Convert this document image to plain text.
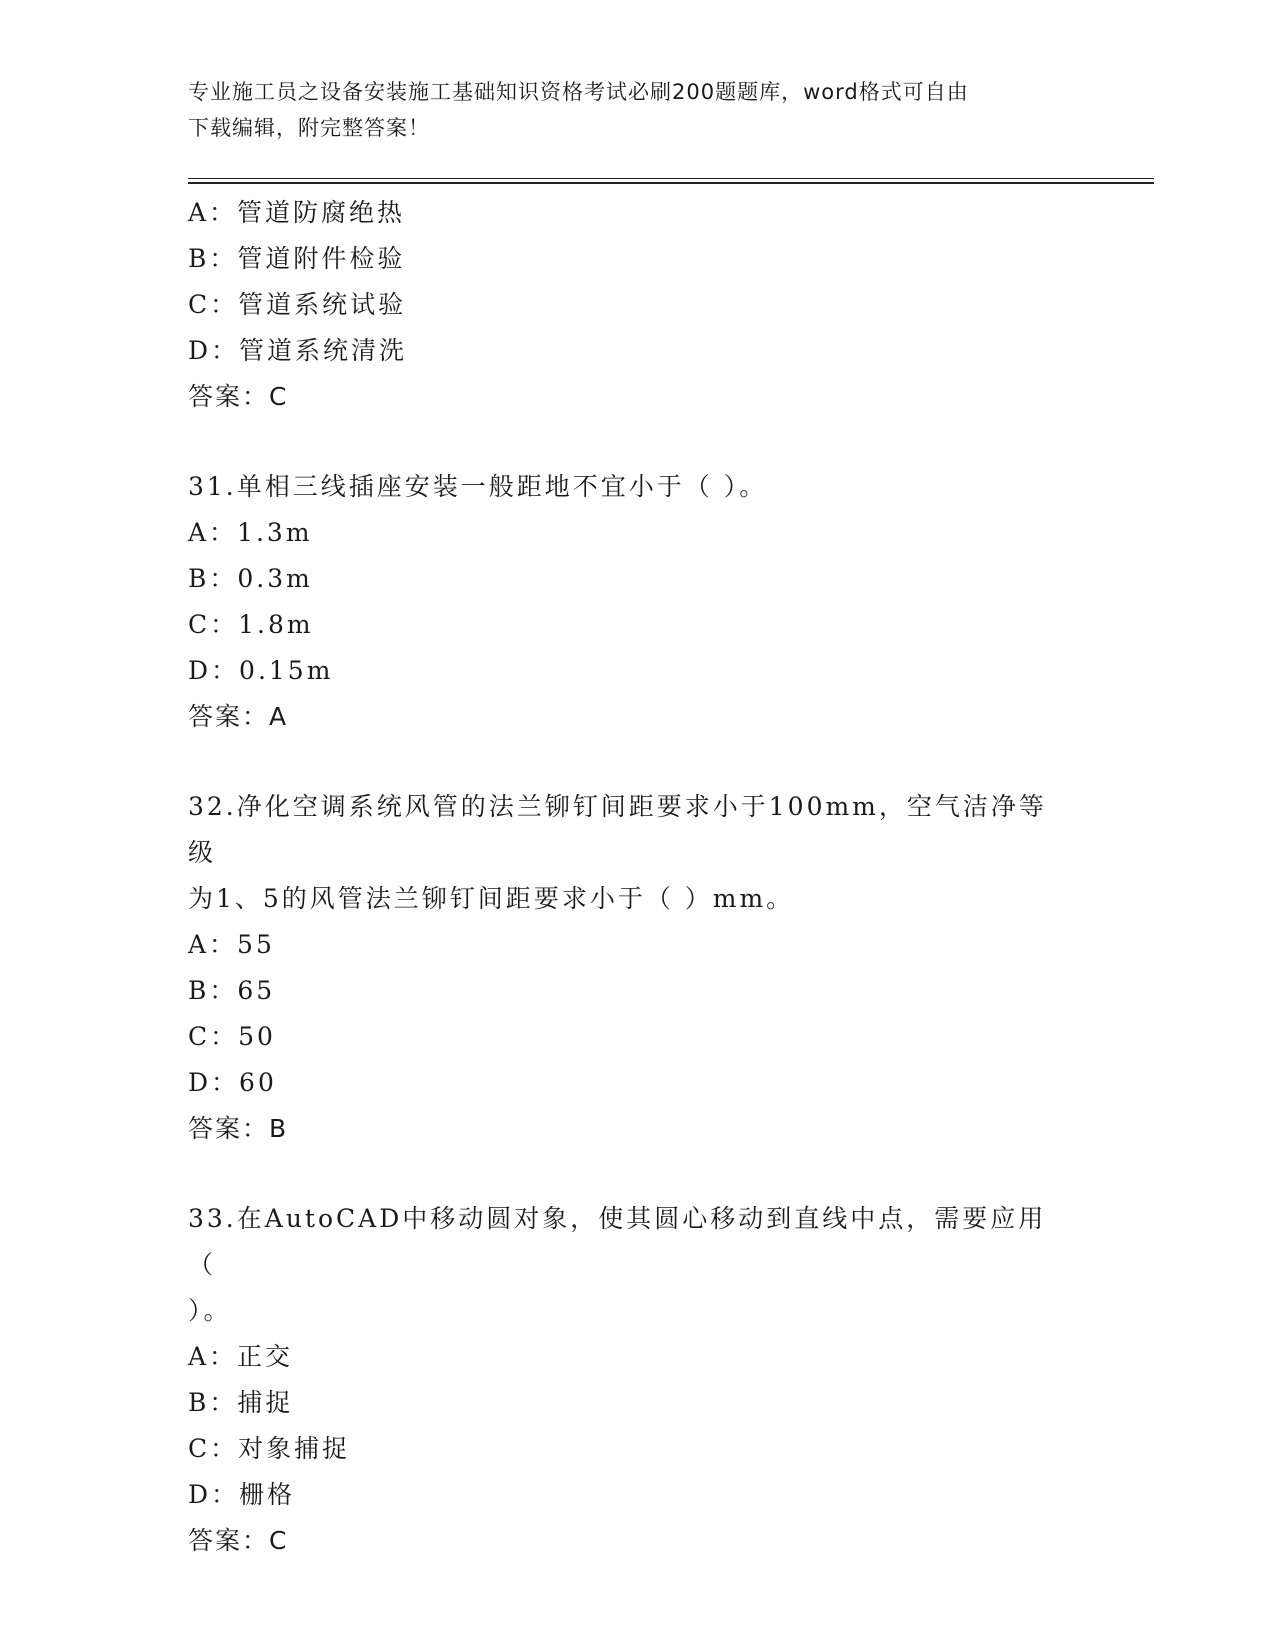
专业施工员之设备安装施工基础知识资格考试必刷200题题库，word格式可自由
下载编辑，附完整答案！
A：管道防腐绝热
B：管道附件检验
C：管道系统试验
D：管道系统清洗
答案：C
31.单相三线插座安装一般距地不宜小于（ ）。
A：1.3m
B：0.3m
C：1.8m
D：0.15m
答案：A
32.净化空调系统风管的法兰铆钉间距要求小于100mm，空气洁净等级
为1、5的风管法兰铆钉间距要求小于（ ）mm。
A：55
B：65
C：50
D：60
答案：B
33.在AutoCAD中移动圆对象，使其圆心移动到直线中点，需要应用（
）。
A：正交
B：捕捉
C：对象捕捉
D：栅格
答案：C
